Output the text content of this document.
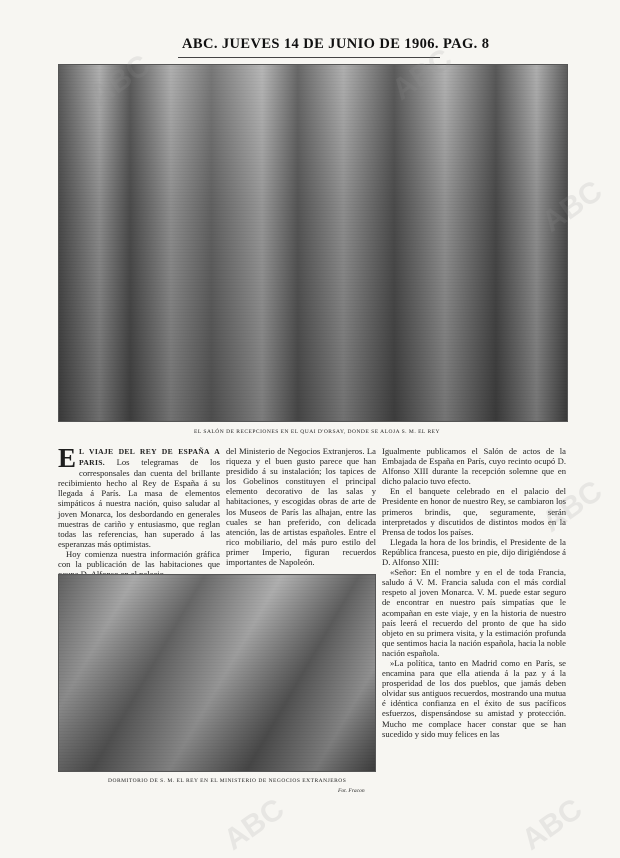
ABC. JUEVES 14 DE JUNIO DE 1906. PAG. 8
EL SALÓN DE RECEPCIONES EN EL QUAI D'ORSAY, DONDE SE ALOJA S. M. EL REY

E L VIAJE DEL REY DE ESPAÑA A PARIS. Los telegramas de los corresponsales dan cuenta del brillante recibimiento hecho al Rey de España á su llegada á París. La masa de elementos simpáticos á nuestra nación, quiso saludar al joven Monarca, los desbordando en generales muestras de cariño y entusiasmo, que reglan todas las referencias, han superado á las esperanzas más optimistas.

Hoy comienza nuestra información gráfica con la publicación de las habitaciones que

del Ministerio de Negocios Extranjeros. La riqueza y el buen gusto parece que han presidido á su instalación; los tapices de los Gobelinos constituyen el principal elemento decorativo de las salas y habitaciones, y escogidas obras de arte de los Museos de París las alhajan, entre las cuales se han preferido, con delicada atención, las de artistas españoles. Entre el rico mobiliario, del más puro estilo del primer Imperio, figuran recuerdos importantes de Napoleón.

Igualmente publicamos el Salón de actos de la Embajada de España en París, cuyo recinto ocupó D. Alfonso XIII durante la recepción solemne que en dicho palacio tuvo efecto.

En el banquete celebrado en el palacio del Presidente en honor de nuestro Rey, se cambiaron los primeros brindis, que, seguramente, serán interpretados y discutidos de distintos modos en la Prensa de todos los países.

Llegada la hora de los brindis, el Presidente de la República francesa, puesto en pie, dijo dirigiéndose á D. Alfonso XIII:

«Señor: En el nombre y en el de toda Francia, saludo á V. M. Francia saluda con el más cordial respeto al joven Monarca. V. M. puede estar seguro de encontrar en nuestro país simpatías que le acompañan en este viaje, y en la historia de nuestro país leerá el recuerdo del pronto de que ha sido objeto en su primera visita, y la estimación profunda que sentimos hacia la nación española, hacia la noble nación española.

»La política, tanto en Madrid como en París, se encamina para que ella atienda á la paz y á la prosperidad de los dos pueblos, que jamás deben olvidar sus antiguos recuerdos, mostrando una mutua é idéntica confianza en el éxito de sus pacíficos esfuerzos, dispensándose su amistad y protección. Mucho me complace hacer constar que se han sucedido y sido muy felices en las

DORMITORIO DE S. M. EL REY EN EL MINISTERIO DE NEGOCIOS EXTRANJEROS
Fot. Fracon
ABC
ABC
ABC	ABC
